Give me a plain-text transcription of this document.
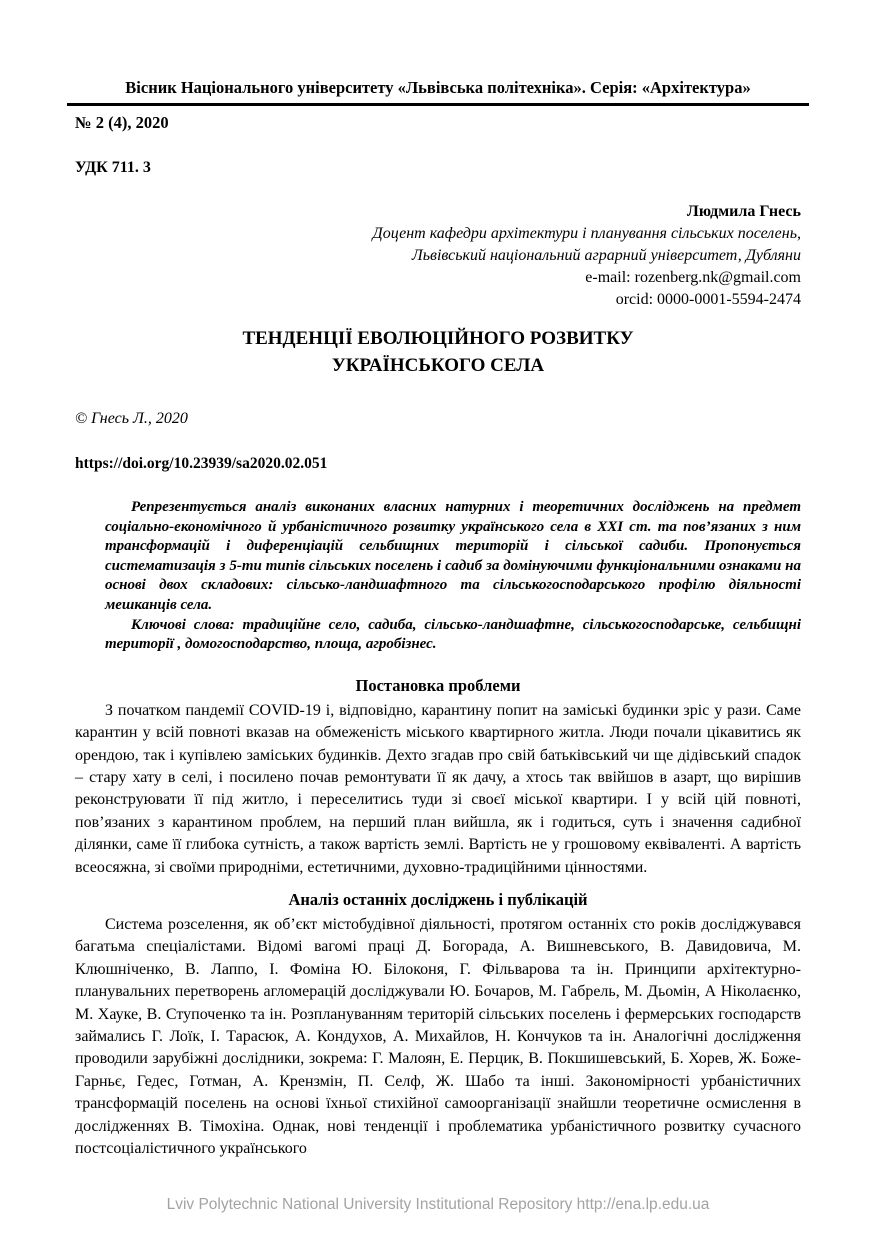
Вісник Національного університету «Львівська політехніка». Серія: «Архітектура»
№ 2 (4), 2020
УДК 711. 3
Людмила Гнесь
Доцент кафедри архітектури і планування сільських поселень,
Львівський національний аграрний університет, Дубляни
e-mail: rozenberg.nk@gmail.com
orcid: 0000-0001-5594-2474
ТЕНДЕНЦІЇ ЕВОЛЮЦІЙНОГО РОЗВИТКУ
УКРАЇНСЬКОГО СЕЛА
© Гнесь Л., 2020
https://doi.org/10.23939/sa2020.02.051

Репрезентується аналіз виконаних власних натурних і теоретичних досліджень на предмет соціально-економічного й урбаністичного розвитку українського села в ХХІ ст. та пов’язаних з ним трансформацій і диференціацій сельбищних територій і сільської садиби. Пропонується систематизація з 5-ти типів сільських поселень і садиб за домінуючими функціональними ознаками на основі двох складових: сільсько-ландшафтного та сільськогосподарського профілю діяльності мешканців села.

Ключові слова: традиційне село, садиба, сільсько-ландшафтне, сільськогосподарське, сельбищні території , домогосподарство, площа, агробізнес.

Постановка проблеми

З початком пандемії COVID-19 і, відповідно, карантину попит на заміські будинки зріс у рази. Саме карантин у всій повноті вказав на обмеженість міського квартирного житла. Люди почали цікавитись як орендою, так і купівлею заміських будинків. Дехто згадав про свій батьківський чи ще дідівський спадок – стару хату в селі, і посилено почав ремонтувати її як дачу, а хтось так ввійшов в азарт, що вирішив реконструювати її під житло, і переселитись туди зі своєї міської квартири. І у всій цій повноті, пов’язаних з карантином проблем, на перший план вийшла, як і годиться, суть і значення садибної ділянки, саме її глибока сутність, а також вартість землі. Вартість не у грошовому еквіваленті. А вартість всеосяжна, зі своїми природніми, естетичними, духовно-традиційними цінностями.

Аналіз останніх досліджень і публікацій

Система розселення, як об’єкт містобудівної діяльності, протягом останніх сто років досліджувався багатьма спеціалістами. Відомі вагомі праці Д. Богорада, А. Вишневського, В. Давидовича, М. Клюшніченко, В. Лаппо, І. Фоміна Ю. Білоконя, Г. Фільварова та ін. Принципи архітектурно-планувальних перетворень агломерацій досліджували Ю. Бочаров, М. Габрель, М. Дьомін, А Ніколаєнко, М. Хауке, В. Ступоченко та ін. Розплануванням територій сільських поселень і фермерських господарств займались Г. Лоїк, І. Тарасюк, А. Кондухов, А. Михайлов, Н. Кончуков та ін. Аналогічні дослідження проводили зарубіжні дослідники, зокрема: Г. Малоян, Е. Перцик, В. Покшишевський, Б. Хорев, Ж. Боже-Гарньє, Гедес, Готман, А. Крензмін, П. Селф, Ж. Шабо та інші. Закономірності урбаністичних трансформацій поселень на основі їхньої стихійної самоорганізації знайшли теоретичне осмислення в дослідженнях В. Тімохіна. Однак, нові тенденції і проблематика урбаністичного розвитку сучасного постсоціалістичного українського

Lviv Polytechnic National University Institutional Repository http://ena.lp.edu.ua
